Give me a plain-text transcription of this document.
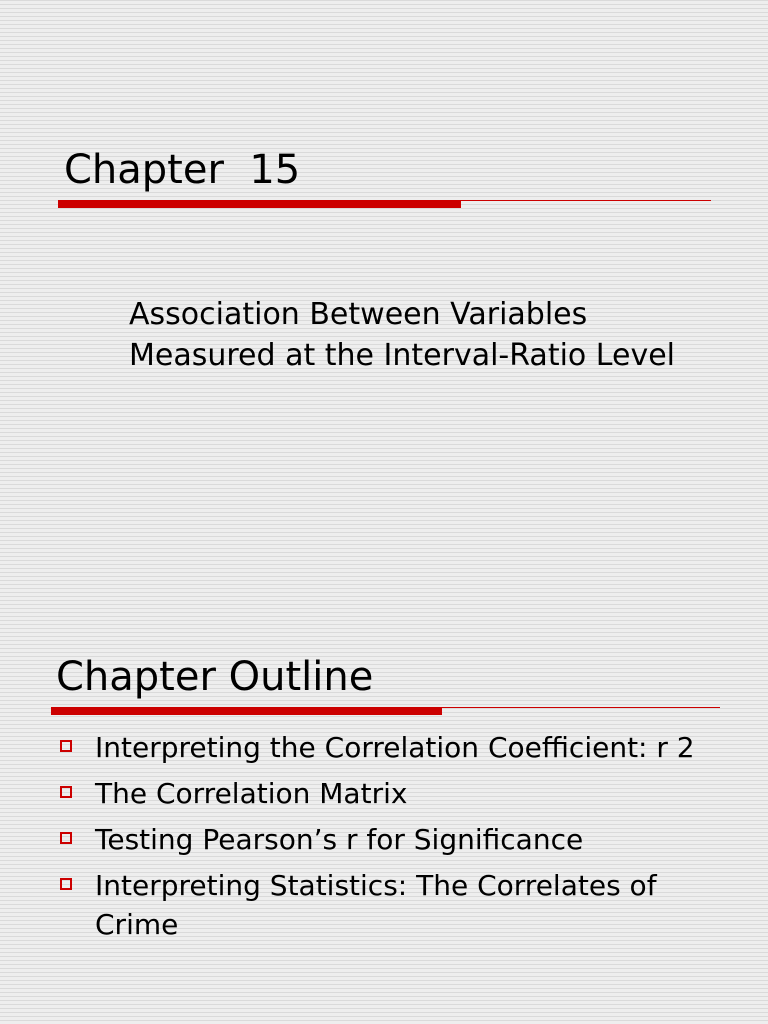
Chapter  15

Association Between Variables Measured at the Interval-Ratio Level

Chapter Outline
Interpreting the Correlation Coefficient: r 2
The Correlation Matrix
Testing Pearson’s r for Significance
Interpreting Statistics: The Correlates of Crime
